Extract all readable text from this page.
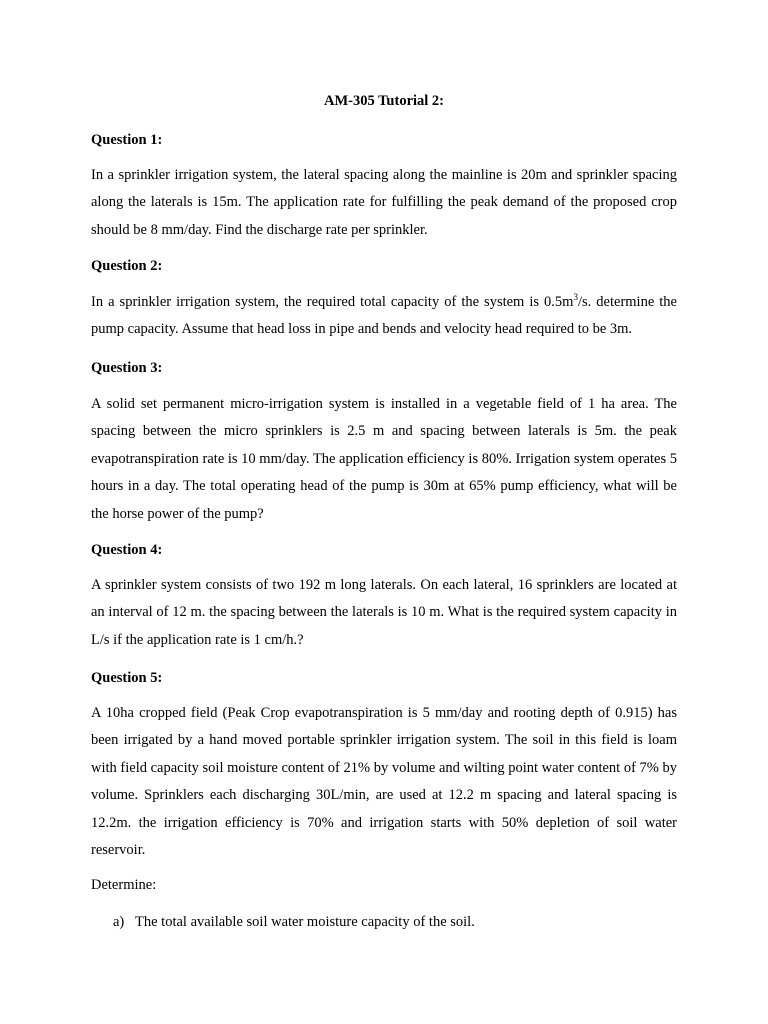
AM-305 Tutorial 2:
Question 1:
In a sprinkler irrigation system, the lateral spacing along the mainline is 20m and sprinkler spacing along the laterals is 15m. The application rate for fulfilling the peak demand of the proposed crop should be 8 mm/day. Find the discharge rate per sprinkler.
Question 2:
In a sprinkler irrigation system, the required total capacity of the system is $0.5m^3/s$. determine the pump capacity. Assume that head loss in pipe and bends and velocity head required to be 3m.
Question 3:
A solid set permanent micro-irrigation system is installed in a vegetable field of 1 ha area. The spacing between the micro sprinklers is 2.5 m and spacing between laterals is 5m. the peak evapotranspiration rate is 10 mm/day. The application efficiency is 80%. Irrigation system operates 5 hours in a day. The total operating head of the pump is 30m at 65% pump efficiency, what will be the horse power of the pump?
Question 4:
A sprinkler system consists of two 192 m long laterals. On each lateral, 16 sprinklers are located at an interval of 12 m. the spacing between the laterals is 10 m. What is the required system capacity in L/s if the application rate is 1 cm/h.?
Question 5:
A 10ha cropped field (Peak Crop evapotranspiration is 5 mm/day and rooting depth of 0.915) has been irrigated by a hand moved portable sprinkler irrigation system. The soil in this field is loam with field capacity soil moisture content of 21% by volume and wilting point water content of 7% by volume. Sprinklers each discharging 30L/min, are used at 12.2 m spacing and lateral spacing is 12.2m. the irrigation efficiency is 70% and irrigation starts with 50% depletion of soil water reservoir.
Determine:
a) The total available soil water moisture capacity of the soil.
